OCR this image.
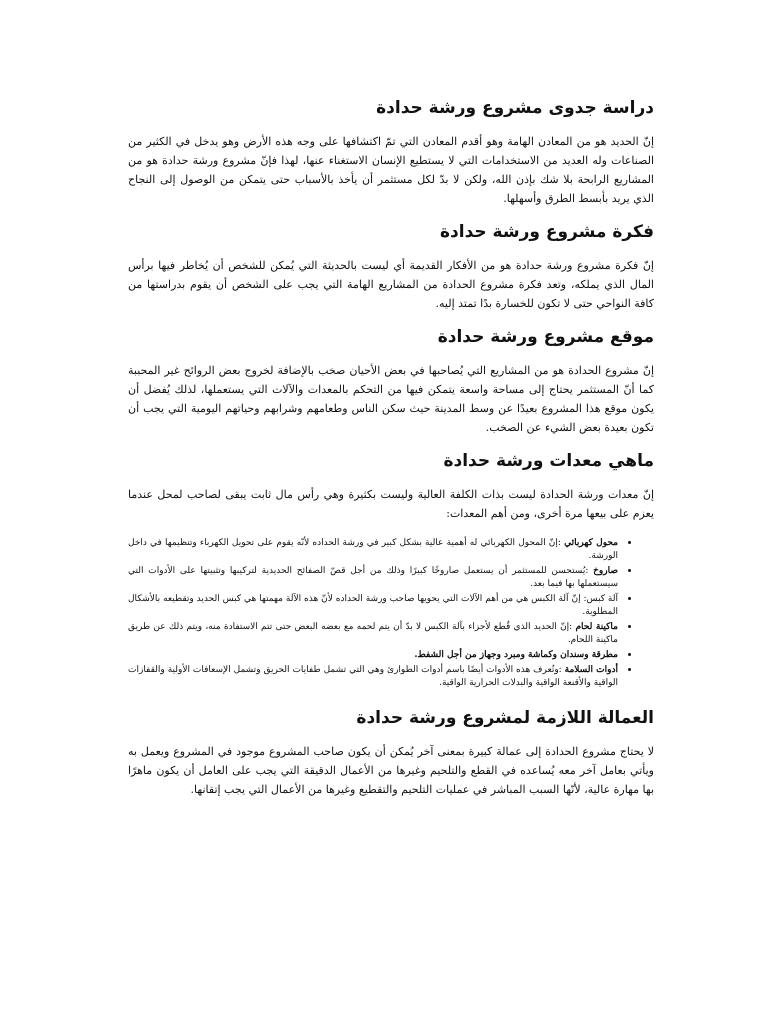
دراسة جدوى مشروع ورشة حدادة

إنّ الحديد هو من المعادن الهامة وهو أقدم المعادن التي تمّ اكتشافها على وجه هذه الأرض وهو يدخل في الكثير من الصناعات وله العديد من الاستخدامات التي لا يستطيع الإنسان الاستغناء عنها، لهذا فإنّ مشروع ورشة حدادة هو من المشاريع الرابحة بلا شك بإذن الله، ولكن لا بدّ لكل مستثمر أن يأخذ بالأسباب حتى يتمكن من الوصول إلى النجاح الذي يريد بأبسط الطرق وأسهلها.

فكرة مشروع ورشة حدادة

إنّ فكرة مشروع ورشة حدادة هو من الأفكار القديمة أي ليست بالحديثة التي يُمكن للشخص أن يُخاطر فيها برأس المال الذي يملكه، وتعد فكرة مشروع الحدادة من المشاريع الهامة التي يجب على الشخص أن يقوم بدراستها من كافة النواحي حتى لا تكون للخسارة بدًا تمتد إليه.

موقع مشروع ورشة حدادة

إنّ مشروع الحدادة هو من المشاريع التي يُصاحبها في بعض الأحيان صخب بالإضافة لخروج بعض الروائح غير المحببة كما أنّ المستثمر يحتاج إلى مساحة واسعة يتمكن فيها من التحكم بالمعدات والآلات التي يستعملها، لذلك يُفضل أن يكون موقع هذا المشروع بعيدًا عن وسط المدينة حيث سكن الناس وطعامهم وشرابهم وحياتهم اليومية التي يجب أن تكون بعيدة بعض الشيء عن الصخب.

ماهي معدات ورشة حدادة

إنّ معدات ورشة الحدادة ليست بذات الكلفة العالية وليست بكثيرة وهي رأس مال ثابت يبقى لصاحب لمحل عندما يعزم على بيعها مرة أخرى، ومن أهم المعدات:

• محول كهربائي :إنّ المحول الكهربائي له أهمية عالية بشكل كبير في ورشة الحداده لأنّه يقوم على تحويل الكهرباء وتنظيمها في داخل الورشة.
• صاروخ :يُستحسن للمستثمر أن يستعمل صاروخًا كبيرًا وذلك من أجل قصّ الصفائح الحديدية لتركيبها وتثبيتها على الأدوات التي سيستعملها بها فيما بعد.
• آلة كبس: إنّ آلة الكبس هي من أهم الآلات التي يحويها صاحب ورشة الحداده لأنّ هذه الآلة مهمتها هي كبس الحديد وتقطيعه بالأشكال المطلوبة.
• ماكينة لحام :إنّ الحديد الذي قُطع لأجزاء بآلة الكبس لا بدّ أن يتم لحمه مع بعضه البعض حتى تتم الاستفادة منه، ويتم ذلك عن طريق ماكينة اللحام.
• مطرقة وسندان وكماشة ومبرد وجهاز من أجل الشفط.
• أدوات السلامة :وتُعرف هذه الأدوات أيضًا باسم أدوات الطوارئ وهي التي تشمل طفايات الحريق وتشمل الإسعافات الأولية والقفازات الواقية والأقنعة الواقية والبدلات الحرارية الواقية.
العمالة اللازمة لمشروع ورشة حدادة

لا يحتاج مشروع الحدادة إلى عمالة كبيرة بمعنى آخر يُمكن أن يكون صاحب المشروع موجود في المشروع ويعمل به ويأتي بعامل آخر معه يُساعده في القطع والتلحيم وغيرها من الأعمال الدقيقة التي يجب على العامل أن يكون ماهرًا بها مهارة عالية، لأنّها السبب المباشر في عمليات التلحيم والتقطيع وغيرها من الأعمال التي يجب إتقانها.
